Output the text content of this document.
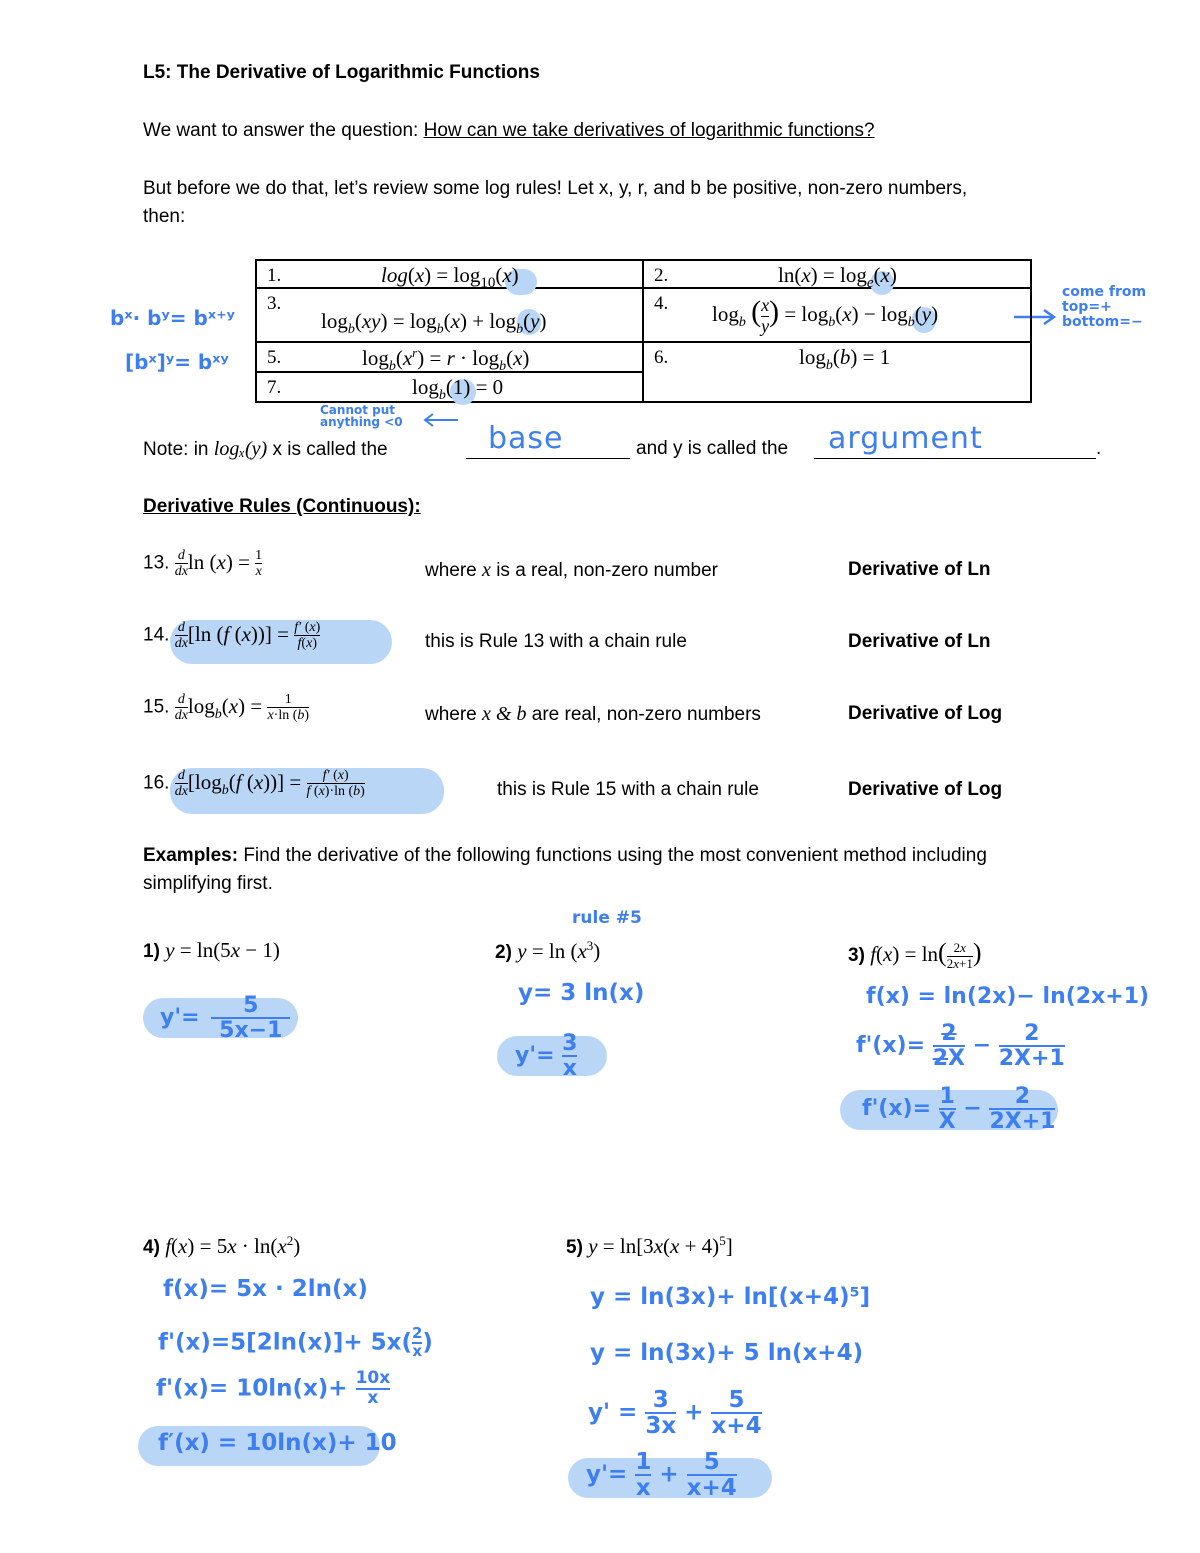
L5: The Derivative of Logarithmic Functions
We want to answer the question: How can we take derivatives of logarithmic functions?
But before we do that, let’s review some log rules! Let x, y, r, and b be positive, non-zero numbers,
then:
bˣ· bʸ= bˣ⁺ʸ
[bˣ]ʸ= bˣʸ
come from
top=+
bottom=−
1. $\log(x) = \log_{10}(x)$	2. $\ln(x) = \log_e(x)$

3.
$\log_b(xy) = \log_b(x) + \log_b(y)$	4. $\log_b$ ( $\frac{x}{y}$ ) = $\log_b(x) - \log_b(y)$

5. $\log_b(x^r) = r \cdot \log_b(x)$	6. $\log_b(b) = 1$

7. $\log_b(1) = 0$	
Cannot put
anything <0
Note: in logₓ(y) x is called the	base	and y is called the argument	.
Derivative Rules (Continuous):
13. $\frac{d}{dx}$ $\ln (x) = \frac{1}{x}$	where x is a real, non-zero number	Derivative of Ln
14. $\frac{d}{dx} [\ln$ (f $(x))] = \frac{f' (x)}{f(x)}$	this is Rule 13 with a chain rule	Derivative of Ln
15. $\frac{d}{dx} \log_b(x) = \frac{1}{x\cdot\ln (b)}$	where x & b are real, non-zero numbers	Derivative of Log
16. $\frac{d}{dx} [\log_b(f$ $(x))] = \frac{f' (x)}{f (x)\cdot\ln (b)}$	this is Rule 15 with a chain rule	Derivative of Log
Examples: Find the derivative of the following functions using the most convenient method including
simplifying first.
1) y = ln(5x − 1)
$y'= \frac{5}{5x-1}$
rule #5
2) $y = \ln (x^3)$
y= 3 ln(x)
$y'= \frac{3}{x}$
3) $f(x) = \ln( \frac{2x}{2x+1}$ )
f(x) = ln(2x)− ln(2x+1)
$f'(x)= \frac{2}{2X} - \frac{2}{2X+1}$
$f'(x)= \frac{1}{X} - \frac{2}{2X+1}$
4) $f(x) = 5x \cdot \ln(x^2)$
f(x)= 5x · 2ln(x)
$f'(x)=5[2\ln(x)]+ 5x( \frac{2}{x}$ )
$f'(x)= 10\ln(x)+ \frac{10x}{x}$
f′(x) = 10ln(x)+ 10
5) $y = \ln[3x(x + 4)^5]$
y = ln(3x)+ ln[(x+4)⁵]
y = ln(3x)+ 5 ln(x+4)
$y' = \frac{3}{3x} + \frac{5}{x+4}$
$y'= \frac{1}{x} + \frac{5}{x+4}$
